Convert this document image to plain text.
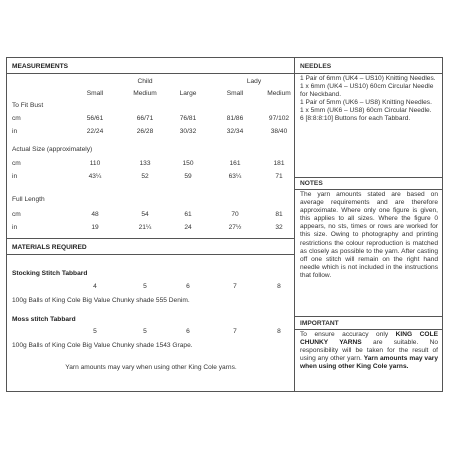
MEASUREMENTS
Child	Lady
Small	Medium	Large	Small	Medium
To Fit Bust
cm	56/61	66/71	76/81	81/86	97/102
in	22/24	26/28	30/32	32/34	38/40
Actual Size (approximately)
cm	110	133	150	161	181
in	43¼	52	59	63¼	71
Full Length
cm	48	54	61	70	81
in	19	21¼	24	27½	32
MATERIALS REQUIRED
Stocking Stitch Tabbard
4	5	6	7	8
100g Balls of King Cole Big Value Chunky shade 555 Denim.
Moss stitch Tabbard
5	5	6	7	8
100g Balls of King Cole Big Value Chunky shade 1543 Grape.
Yarn amounts may vary when using other King Cole yarns.
NEEDLES
1 Pair of 6mm (UK4 – US10) Knitting Needles.
1 x 6mm (UK4 – US10) 60cm Circular Needle for Neckband.
1 Pair of 5mm (UK6 – US8) Knitting Needles.
1 x 5mm (UK6 – US8) 60cm Circular Needle.
6 [8:8:8:10] Buttons for each Tabbard.
NOTES
The yarn amounts stated are based on average requirements and are therefore approximate. Where only one figure is given, this applies to all sizes. Where the figure 0 appears, no sts, times or rows are worked for this size. Owing to photography and printing restrictions the colour reproduction is matched as closely as possible to the yarn. After casting off one stitch will remain on the right hand needle which is not included in the instructions that follow.
IMPORTANT
To ensure accuracy only KING COLE CHUNKY YARNS are suitable. No responsibility will be taken for the result of using any other yarn. Yarn amounts may vary when using other King Cole yarns.
